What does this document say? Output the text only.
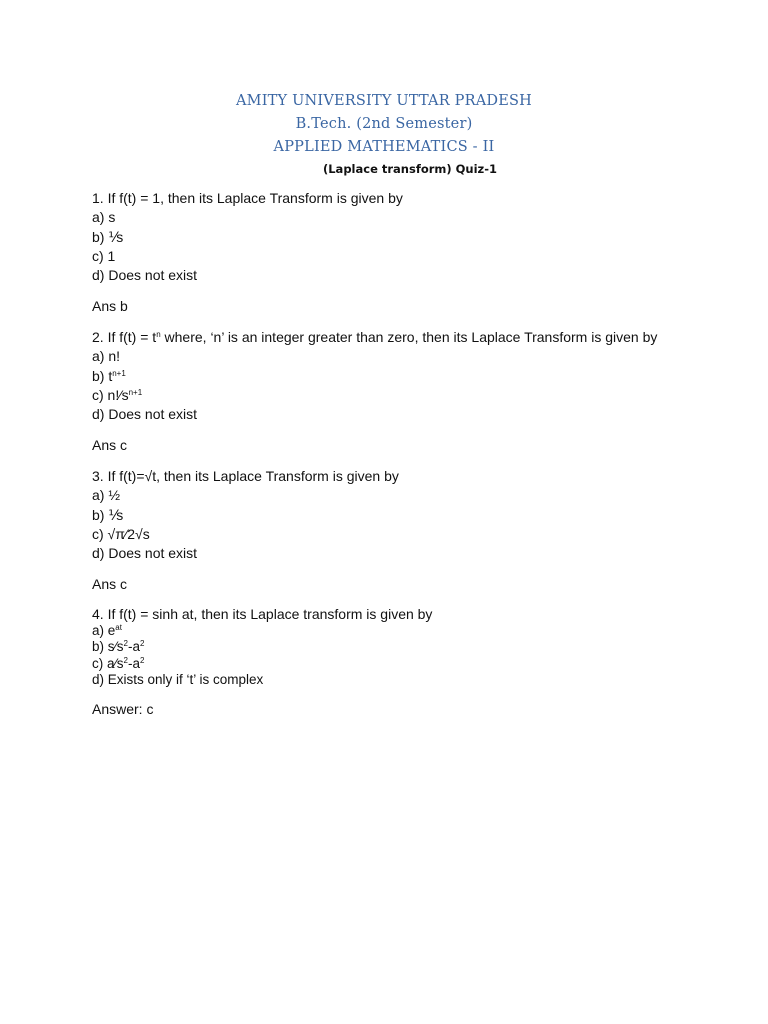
AMITY UNIVERSITY UTTAR PRADESH
B.Tech. (2nd Semester)
APPLIED MATHEMATICS - II
(Laplace transform) Quiz-1
1. If f(t) = 1, then its Laplace Transform is given by
a) s
b) ⅟s
c) 1
d) Does not exist
Ans b
2. If $f(t) = t^n$ where, ‘n’ is an integer greater than zero, then its Laplace Transform is given by
a) n!
b) $t^{n+1}$
c) $n!⁄s^{n+1}$
d) Does not exist
Ans c
3. If f(t)=√t, then its Laplace Transform is given by
a) ½
b) ⅟s
c) √π⁄2√s
d) Does not exist
Ans c
4. If f(t) = sinh at, then its Laplace transform is given by
a) $e^{at}$
b) $s⁄s^2-a^2$
c) $a⁄s^2-a^2$
d) Exists only if ‘t’ is complex
Answer: c
